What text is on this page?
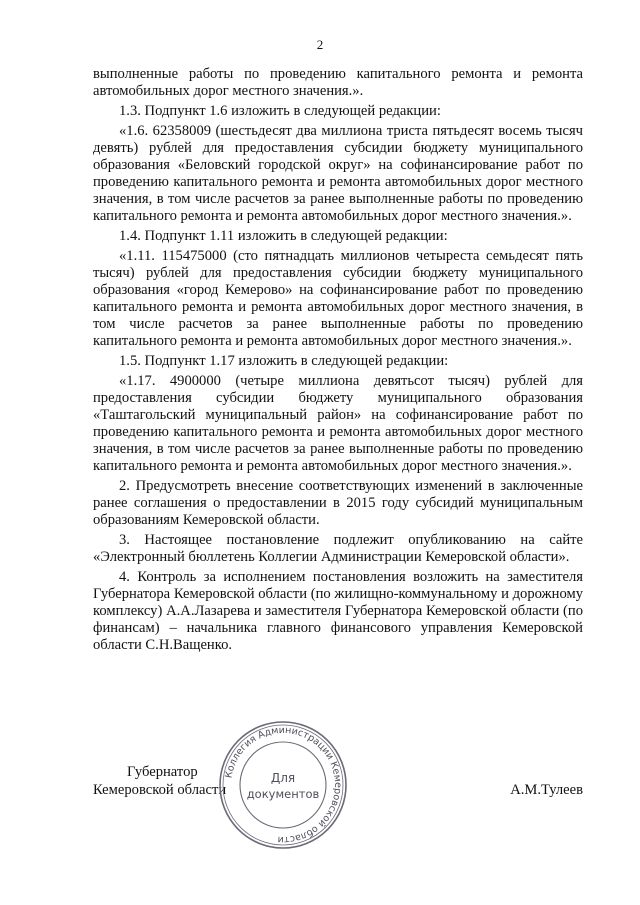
2

выполненные работы по проведению капитального ремонта и ремонта автомобильных дорог местного значения.».

1.3. Подпункт 1.6 изложить в следующей редакции:

«1.6. 62358009 (шестьдесят два миллиона триста пятьдесят восемь тысяч девять) рублей для предоставления субсидии бюджету муниципального образования «Беловский городской округ» на софинансирование работ по проведению капитального ремонта и ремонта автомобильных дорог местного значения, в том числе расчетов за ранее выполненные работы по проведению капитального ремонта и ремонта автомобильных дорог местного значения.».

1.4. Подпункт 1.11 изложить в следующей редакции:

«1.11. 115475000 (сто пятнадцать миллионов четыреста семьдесят пять тысяч) рублей для предоставления субсидии бюджету муниципального образования «город Кемерово» на софинансирование работ по проведению капитального ремонта и ремонта автомобильных дорог местного значения, в том числе расчетов за ранее выполненные работы по проведению капитального ремонта и ремонта автомобильных дорог местного значения.».

1.5. Подпункт 1.17 изложить в следующей редакции:

«1.17. 4900000 (четыре миллиона девятьсот тысяч) рублей для предоставления субсидии бюджету муниципального образования «Таштагольский муниципальный район» на софинансирование работ по проведению капитального ремонта и ремонта автомобильных дорог местного значения, в том числе расчетов за ранее выполненные работы по проведению капитального ремонта и ремонта автомобильных дорог местного значения.».

2. Предусмотреть внесение соответствующих изменений в заключенные ранее соглашения о предоставлении в 2015 году субсидий муниципальным образованиям Кемеровской области.

3. Настоящее постановление подлежит опубликованию на сайте «Электронный бюллетень Коллегии Администрации Кемеровской области».

4. Контроль за исполнением постановления возложить на заместителя Губернатора Кемеровской области (по жилищно-коммунальному и дорожному комплексу) А.А.Лазарева и заместителя Губернатора Кемеровской области (по финансам) – начальника главного финансового управления Кемеровской области С.Н.Ващенко.

Губернатор
Кемеровской области	А.М.Тулеев
Коллегия Администрации Кемеровской области
Для
документов
